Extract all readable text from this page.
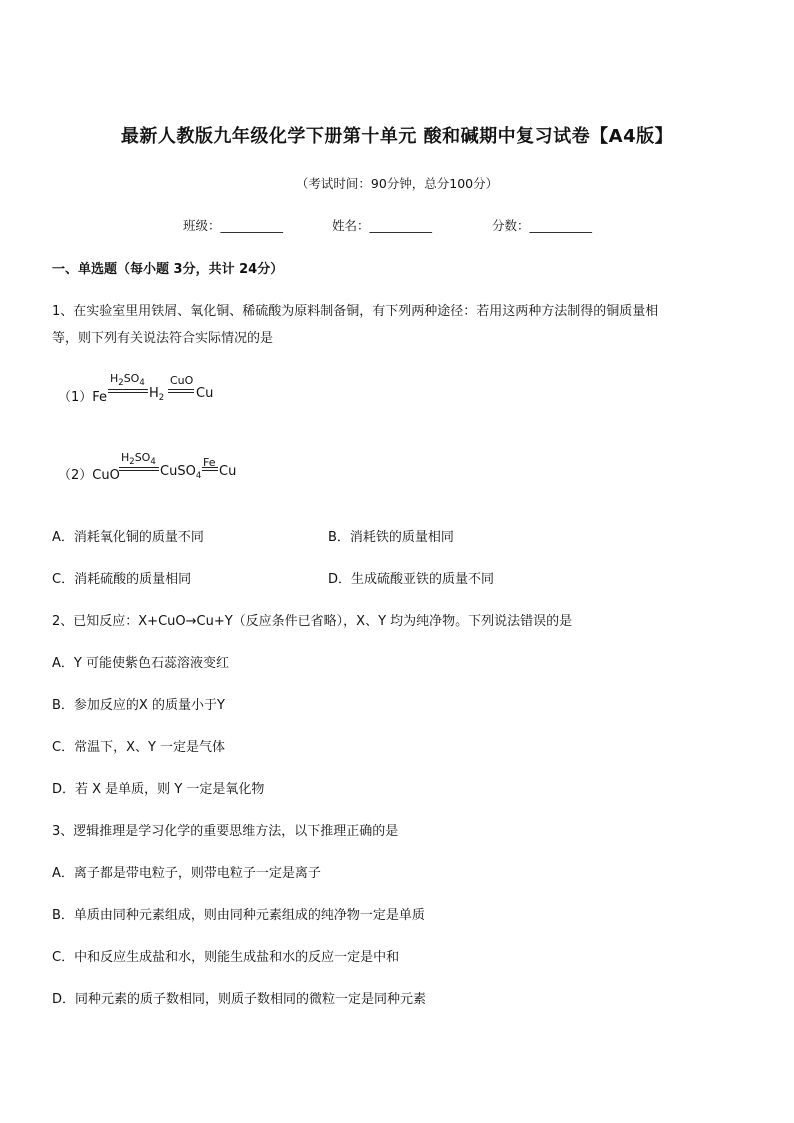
最新人教版九年级化学下册第十单元 酸和碱期中复习试卷【A4版】
（考试时间：90分钟，总分100分）
班级：__________	姓名：__________	分数：__________
一、单选题（每小题 3分，共计 24分）
1、在实验室里用铁屑、氧化铜、稀硫酸为原料制备铜，有下列两种途径：若用这两种方法制得的铜质量相
等，则下列有关说法符合实际情况的是
（1）Fe
$H_2SO_4$
$H_2$
CuO
Cu
（2）CuO
$H_2SO_4$
CuSO$_4$
Fe
Cu
A．消耗氧化铜的质量不同	B．消耗铁的质量相同
C．消耗硫酸的质量相同	D．生成硫酸亚铁的质量不同
2、已知反应：X+CuO→Cu+Y（反应条件已省略），X、Y 均为纯净物。下列说法错误的是
A．Y 可能使紫色石蕊溶液变红
B．参加反应的X 的质量小于Y
C．常温下，X、Y 一定是气体
D．若 X 是单质，则 Y 一定是氧化物
3、逻辑推理是学习化学的重要思维方法，以下推理正确的是
A．离子都是带电粒子，则带电粒子一定是离子
B．单质由同种元素组成，则由同种元素组成的纯净物一定是单质
C．中和反应生成盐和水，则能生成盐和水的反应一定是中和
D．同种元素的质子数相同，则质子数相同的微粒一定是同种元素
